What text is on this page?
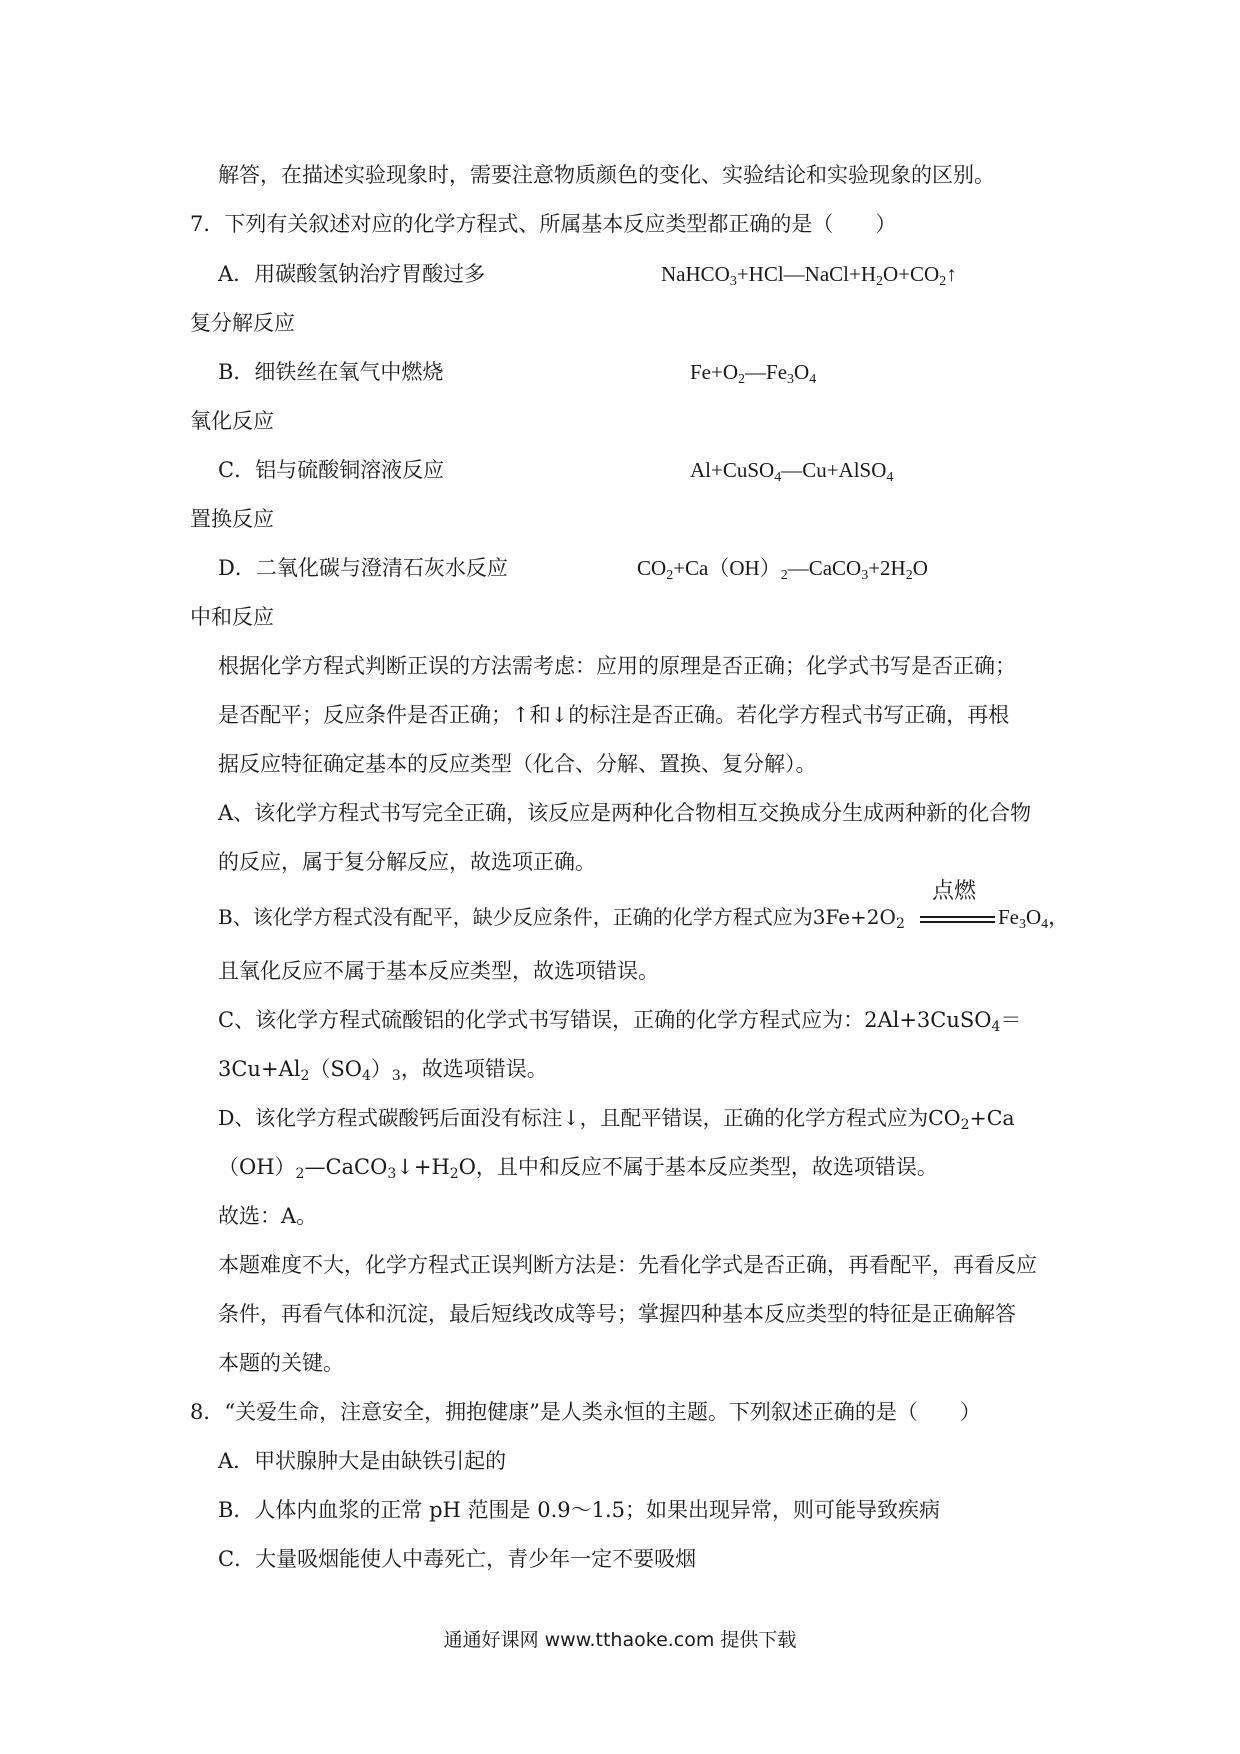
解答，在描述实验现象时，需要注意物质颜色的变化、实验结论和实验现象的区别。
7．下列有关叙述对应的化学方程式、所属基本反应类型都正确的是（　　）
A．用碳酸氢钠治疗胃酸过多	$NaHCO_3+HCl—NaCl+H_2O+CO_2↑$
复分解反应
B．细铁丝在氧气中燃烧	$Fe+O_2—Fe_3O_4$
氧化反应
C．铝与硫酸铜溶液反应	Al+CuSO$_4$—Cu+AlSO$_4$
置换反应
D．二氧化碳与澄清石灰水反应	$CO_2+Ca(OH)_2—CaCO_3+2H_2O$
中和反应
根据化学方程式判断正误的方法需考虑：应用的原理是否正确；化学式书写是否正确；
是否配平；反应条件是否正确；↑和↓的标注是否正确。若化学方程式书写正确，再根
据反应特征确定基本的反应类型（化合、分解、置换、复分解）。
A、该化学方程式书写完全正确，该反应是两种化合物相互交换成分生成两种新的化合物
的反应，属于复分解反应，故选项正确。
B、该化学方程式没有配平，缺少反应条件，正确的化学方程式应为$3Fe+2O_2$
点燃
$Fe_3O_4$，
且氧化反应不属于基本反应类型，故选项错误。
C、该化学方程式硫酸铝的化学式书写错误，正确的化学方程式应为：2Al+3CuSO$_4$＝
$3Cu+Al_2(SO_4)_3$，故选项错误。
D、该化学方程式碳酸钙后面没有标注↓，且配平错误，正确的化学方程式应为$CO_2+Ca$
$(OH)_2—CaCO_3↓+H_2O$，且中和反应不属于基本反应类型，故选项错误。
故选：A。
本题难度不大，化学方程式正误判断方法是：先看化学式是否正确，再看配平，再看反应
条件，再看气体和沉淀，最后短线改成等号；掌握四种基本反应类型的特征是正确解答
本题的关键。
8．“关爱生命，注意安全，拥抱健康”是人类永恒的主题。下列叙述正确的是（　　）
A．甲状腺肿大是由缺铁引起的
B．人体内血浆的正常 pH 范围是 0.9～1.5；如果出现异常，则可能导致疾病
C．大量吸烟能使人中毒死亡，青少年一定不要吸烟
通通好课网 www.tthaoke.com 提供下载
